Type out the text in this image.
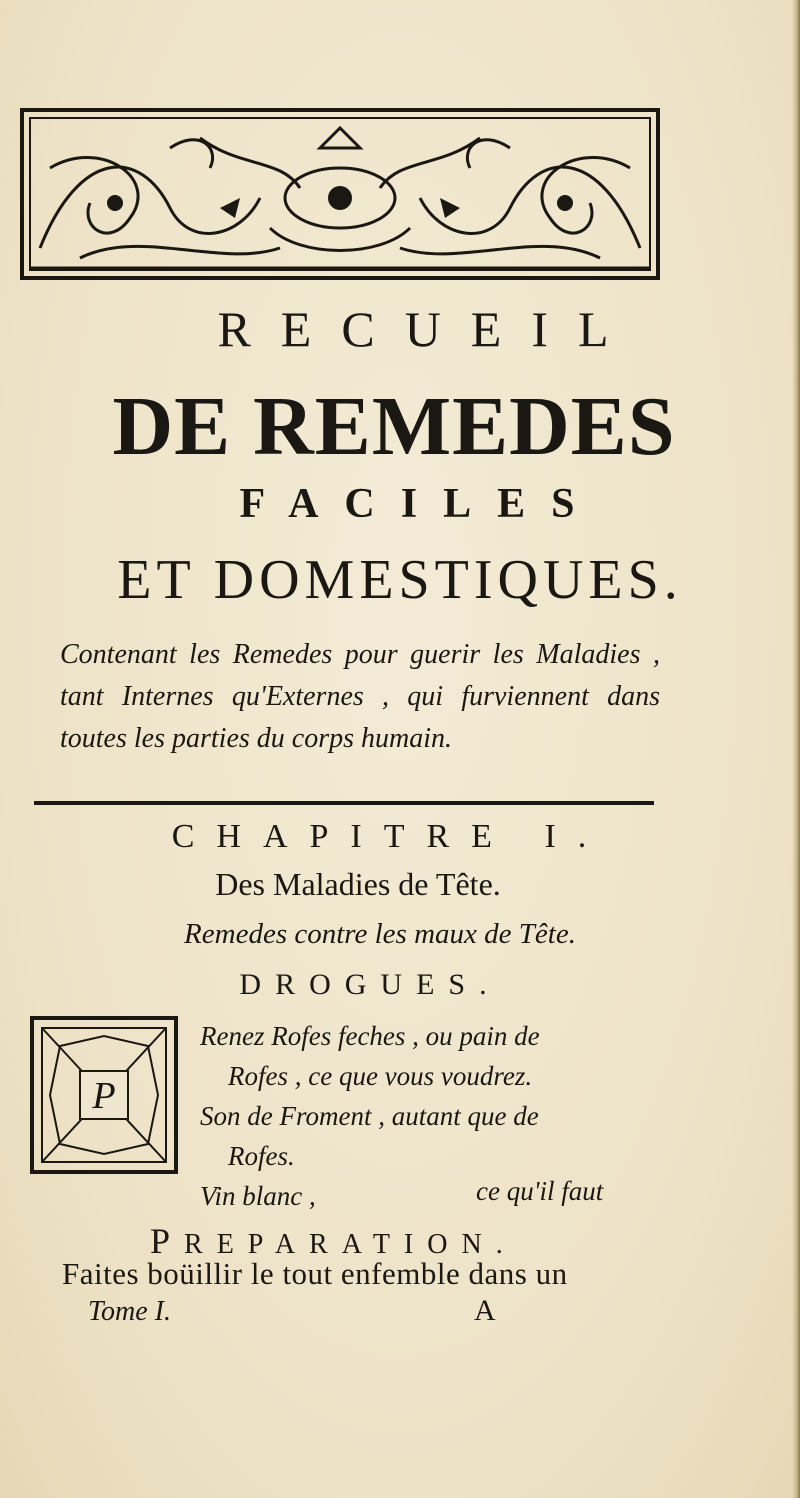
RECUEIL
DE REMEDES
FACILES
ET DOMESTIQUES.
Contenant les Remedes pour guerir les Maladies , tant Internes qu'Externes , qui furviennent dans toutes les parties du corps humain.
CHAPITRE I.
Des Maladies de Tête.
Remedes contre les maux de Tête.
DROGUES.
P
Renez Rofes feches , ou pain de
Rofes , ce que vous voudrez.
Son de Froment , autant que de
Rofes.
Vin blanc ,	ce qu'il faut
PREPARATION.
Faites boüillir le tout enfemble dans un
Tome I.	A
